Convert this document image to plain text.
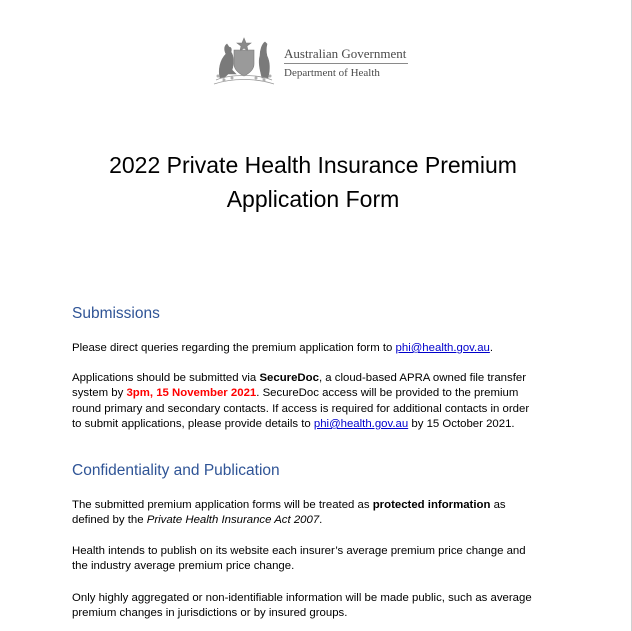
Australian Government
Department of Health
2022 Private Health Insurance Premium
Application Form
Submissions
Please direct queries regarding the premium application form to phi@health.gov.au.
Applications should be submitted via SecureDoc, a cloud-based APRA owned file transfer
system by 3pm, 15 November 2021. SecureDoc access will be provided to the premium
round primary and secondary contacts. If access is required for additional contacts in order
to submit applications, please provide details to phi@health.gov.au by 15 October 2021.
Confidentiality and Publication
The submitted premium application forms will be treated as protected information as
defined by the Private Health Insurance Act 2007.
Health intends to publish on its website each insurer’s average premium price change and
the industry average premium price change.
Only highly aggregated or non-identifiable information will be made public, such as average
premium changes in jurisdictions or by insured groups.
